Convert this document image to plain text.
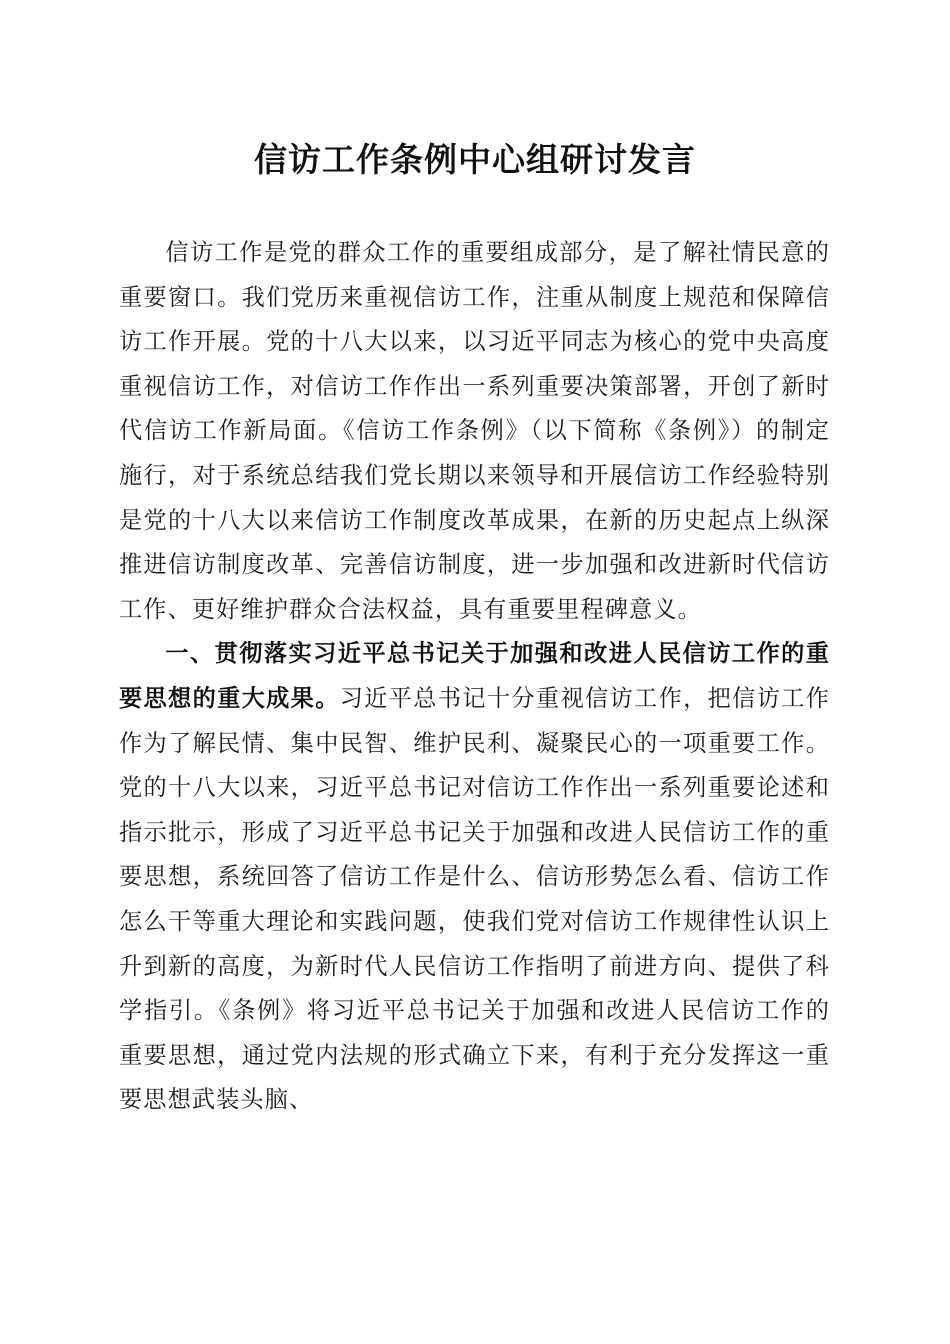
信访工作条例中心组研讨发言

信访工作是党的群众工作的重要组成部分，是了解社情民意的重要窗口。我们党历来重视信访工作，注重从制度上规范和保障信访工作开展。党的十八大以来，以习近平同志为核心的党中央高度重视信访工作，对信访工作作出一系列重要决策部署，开创了新时代信访工作新局面。《信访工作条例》（以下简称《条例》）的制定施行，对于系统总结我们党长期以来领导和开展信访工作经验特别是党的十八大以来信访工作制度改革成果，在新的历史起点上纵深推进信访制度改革、完善信访制度，进一步加强和改进新时代信访工作、更好维护群众合法权益，具有重要里程碑意义。

一、贯彻落实习近平总书记关于加强和改进人民信访工作的重要思想的重大成果。习近平总书记十分重视信访工作，把信访工作作为了解民情、集中民智、维护民利、凝聚民心的一项重要工作。党的十八大以来，习近平总书记对信访工作作出一系列重要论述和指示批示，形成了习近平总书记关于加强和改进人民信访工作的重要思想，系统回答了信访工作是什么、信访形势怎么看、信访工作怎么干等重大理论和实践问题，使我们党对信访工作规律性认识上升到新的高度，为新时代人民信访工作指明了前进方向、提供了科学指引。《条例》将习近平总书记关于加强和改进人民信访工作的重要思想，通过党内法规的形式确立下来，有利于充分发挥这一重要思想武装头脑、
